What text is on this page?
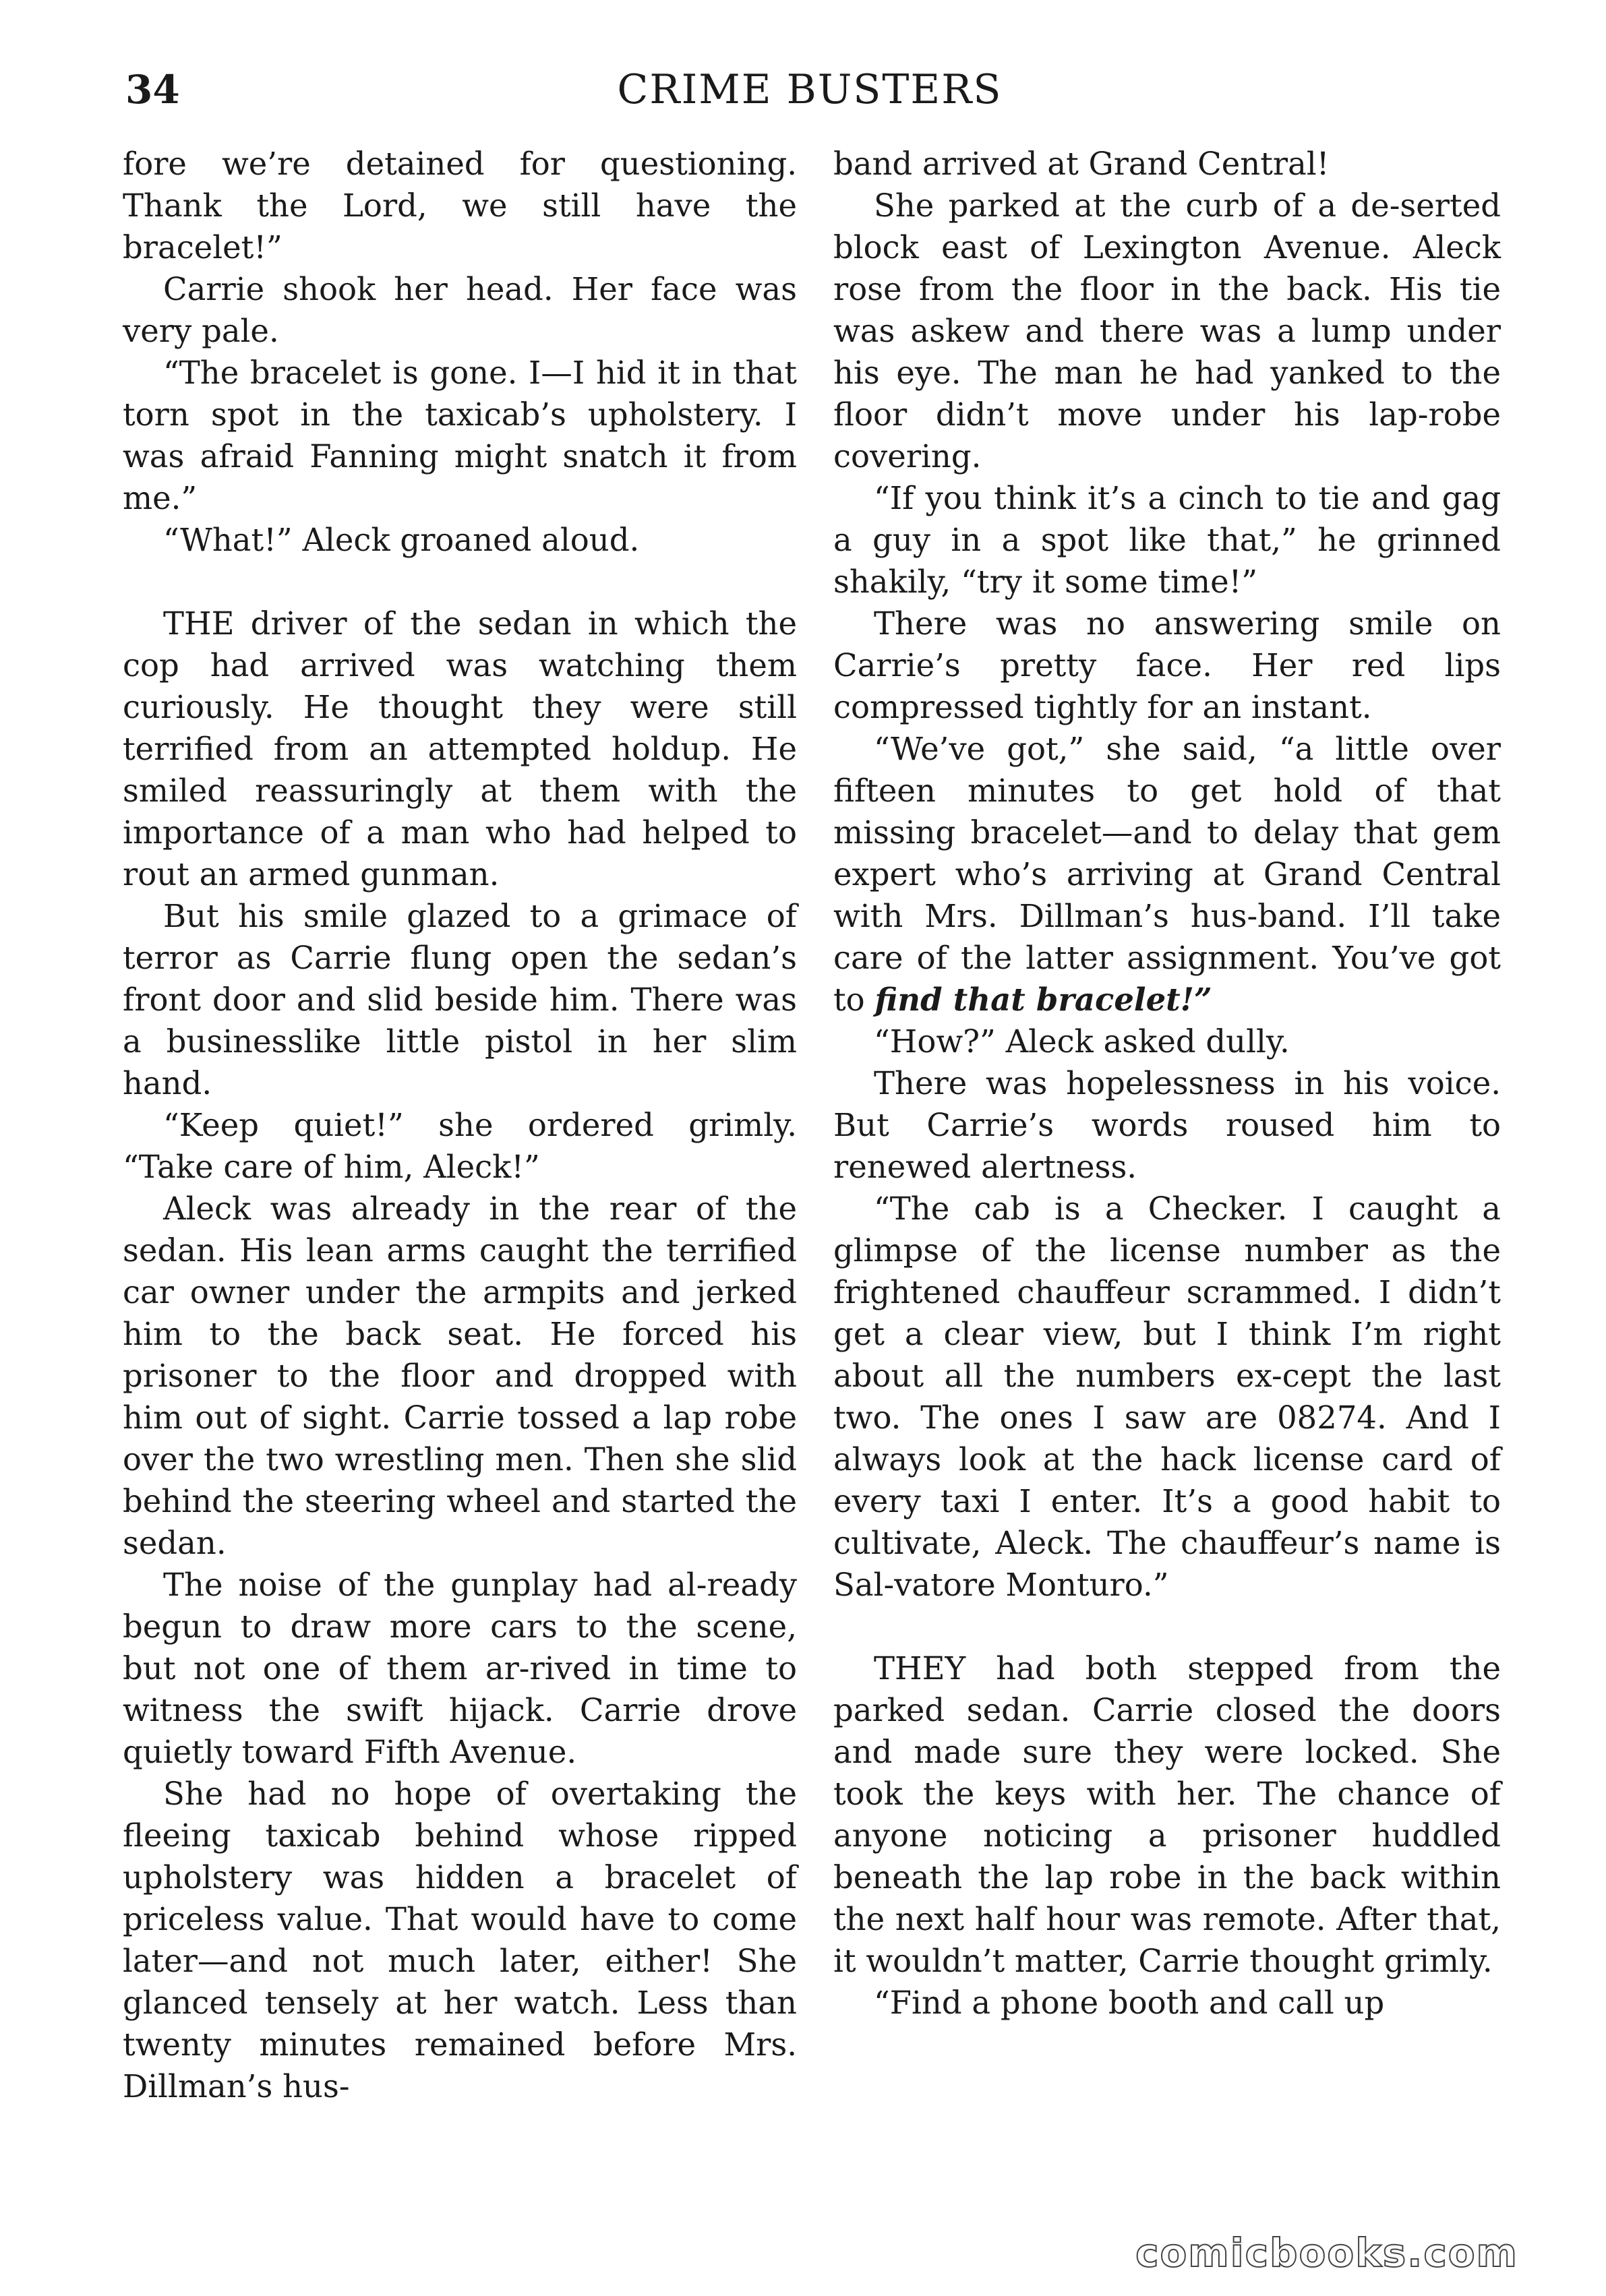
34	CRIME BUSTERS

fore we’re detained for questioning. Thank the Lord, we still have the bracelet!”

Carrie shook her head. Her face was very pale.

“The bracelet is gone. I—I hid it in that torn spot in the taxicab’s upholstery. I was afraid Fanning might snatch it from me.”

“What!” Aleck groaned aloud.

THE driver of the sedan in which the cop had arrived was watching them curiously. He thought they were still terrified from an attempted holdup. He smiled reassuringly at them with the importance of a man who had helped to rout an armed gunman.

But his smile glazed to a grimace of terror as Carrie flung open the sedan’s front door and slid beside him. There was a businesslike little pistol in her slim hand.

“Keep quiet!” she ordered grimly. “Take care of him, Aleck!”

Aleck was already in the rear of the sedan. His lean arms caught the terrified car owner under the armpits and jerked him to the back seat. He forced his prisoner to the floor and dropped with him out of sight. Carrie tossed a lap robe over the two wrestling men. Then she slid behind the steering wheel and started the sedan.

The noise of the gunplay had al-ready begun to draw more cars to the scene, but not one of them ar-rived in time to witness the swift hijack. Carrie drove quietly toward Fifth Avenue.

She had no hope of overtaking the fleeing taxicab behind whose ripped upholstery was hidden a bracelet of priceless value. That would have to come later—and not much later, either! She glanced tensely at her watch. Less than twenty minutes remained before Mrs. Dillman’s hus-

band arrived at Grand Central!

She parked at the curb of a de-serted block east of Lexington Avenue. Aleck rose from the floor in the back. His tie was askew and there was a lump under his eye. The man he had yanked to the floor didn’t move under his lap-robe covering.

“If you think it’s a cinch to tie and gag a guy in a spot like that,” he grinned shakily, “try it some time!”

There was no answering smile on Carrie’s pretty face. Her red lips compressed tightly for an instant.

“We’ve got,” she said, “a little over fifteen minutes to get hold of that missing bracelet—and to delay that gem expert who’s arriving at Grand Central with Mrs. Dillman’s hus-band. I’ll take care of the latter assignment. You’ve got to find that bracelet!”

“How?” Aleck asked dully.

There was hopelessness in his voice. But Carrie’s words roused him to renewed alertness.

“The cab is a Checker. I caught a glimpse of the license number as the frightened chauffeur scrammed. I didn’t get a clear view, but I think I’m right about all the numbers ex-cept the last two. The ones I saw are 08274. And I always look at the hack license card of every taxi I enter. It’s a good habit to cultivate, Aleck. The chauffeur’s name is Sal-vatore Monturo.”

THEY had both stepped from the parked sedan. Carrie closed the doors and made sure they were locked. She took the keys with her. The chance of anyone noticing a prisoner huddled beneath the lap robe in the back within the next half hour was remote. After that, it wouldn’t matter, Carrie thought grimly.

“Find a phone booth and call up

comicbooks.com
